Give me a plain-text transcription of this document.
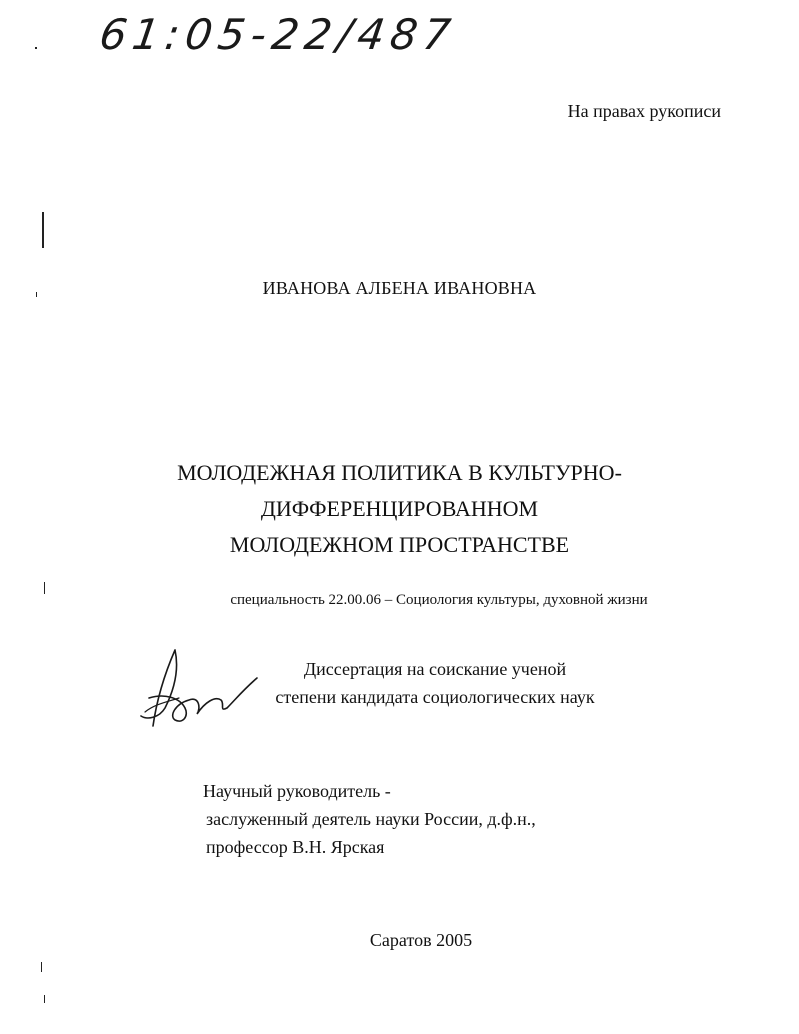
61:05-22/487
На правах рукописи
ИВАНОВА АЛБЕНА ИВАНОВНА
МОЛОДЕЖНАЯ ПОЛИТИКА В КУЛЬТУРНО-
ДИФФЕРЕНЦИРОВАННОМ
МОЛОДЕЖНОМ ПРОСТРАНСТВЕ
специальность 22.00.06 – Социология культуры, духовной жизни
Диссертация на соискание ученой
степени кандидата социологических наук
Научный руководитель -
заслуженный деятель науки России, д.ф.н.,
профессор В.Н. Ярская
Саратов 2005
